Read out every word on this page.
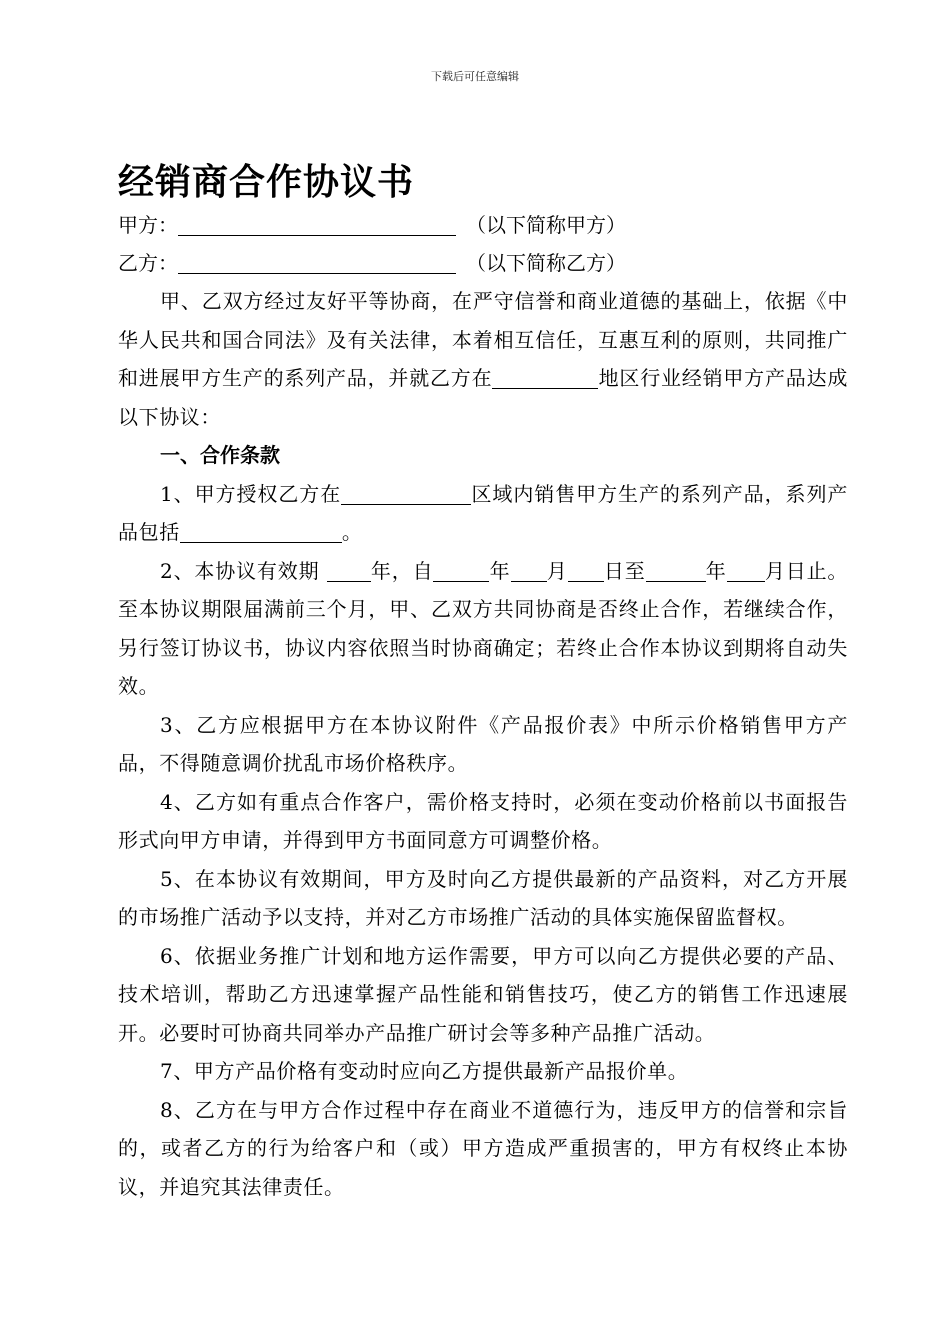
下载后可任意编辑
经销商合作协议书
甲方：	（以下简称甲方）
乙方：	（以下简称乙方）

甲、乙双方经过友好平等协商，在严守信誉和商业道德的基础上，依据《中华人民共和国合同法》及有关法律，本着相互信任，互惠互利的原则，共同推广和进展甲方生产的系列产品，并就乙方在	地区行业经销甲方产品达成以下协议：

一、合作条款

1、甲方授权乙方在	区域内销售甲方生产的系列产品，系列产品包括	。

2、本协议有效期 年，自	年 月 日至	年 月日止。至本协议期限届满前三个月，甲、乙双方共同协商是否终止合作，若继续合作，另行签订协议书，协议内容依照当时协商确定；若终止合作本协议到期将自动失效。

3、乙方应根据甲方在本协议附件《产品报价表》中所示价格销售甲方产品，不得随意调价扰乱市场价格秩序。

4、乙方如有重点合作客户，需价格支持时，必须在变动价格前以书面报告形式向甲方申请，并得到甲方书面同意方可调整价格。

5、在本协议有效期间，甲方及时向乙方提供最新的产品资料，对乙方开展的市场推广活动予以支持，并对乙方市场推广活动的具体实施保留监督权。

6、依据业务推广计划和地方运作需要，甲方可以向乙方提供必要的产品、技术培训，帮助乙方迅速掌握产品性能和销售技巧，使乙方的销售工作迅速展开。必要时可协商共同举办产品推广研讨会等多种产品推广活动。

7、甲方产品价格有变动时应向乙方提供最新产品报价单。

8、乙方在与甲方合作过程中存在商业不道德行为，违反甲方的信誉和宗旨的，或者乙方的行为给客户和（或）甲方造成严重损害的，甲方有权终止本协议，并追究其法律责任。
